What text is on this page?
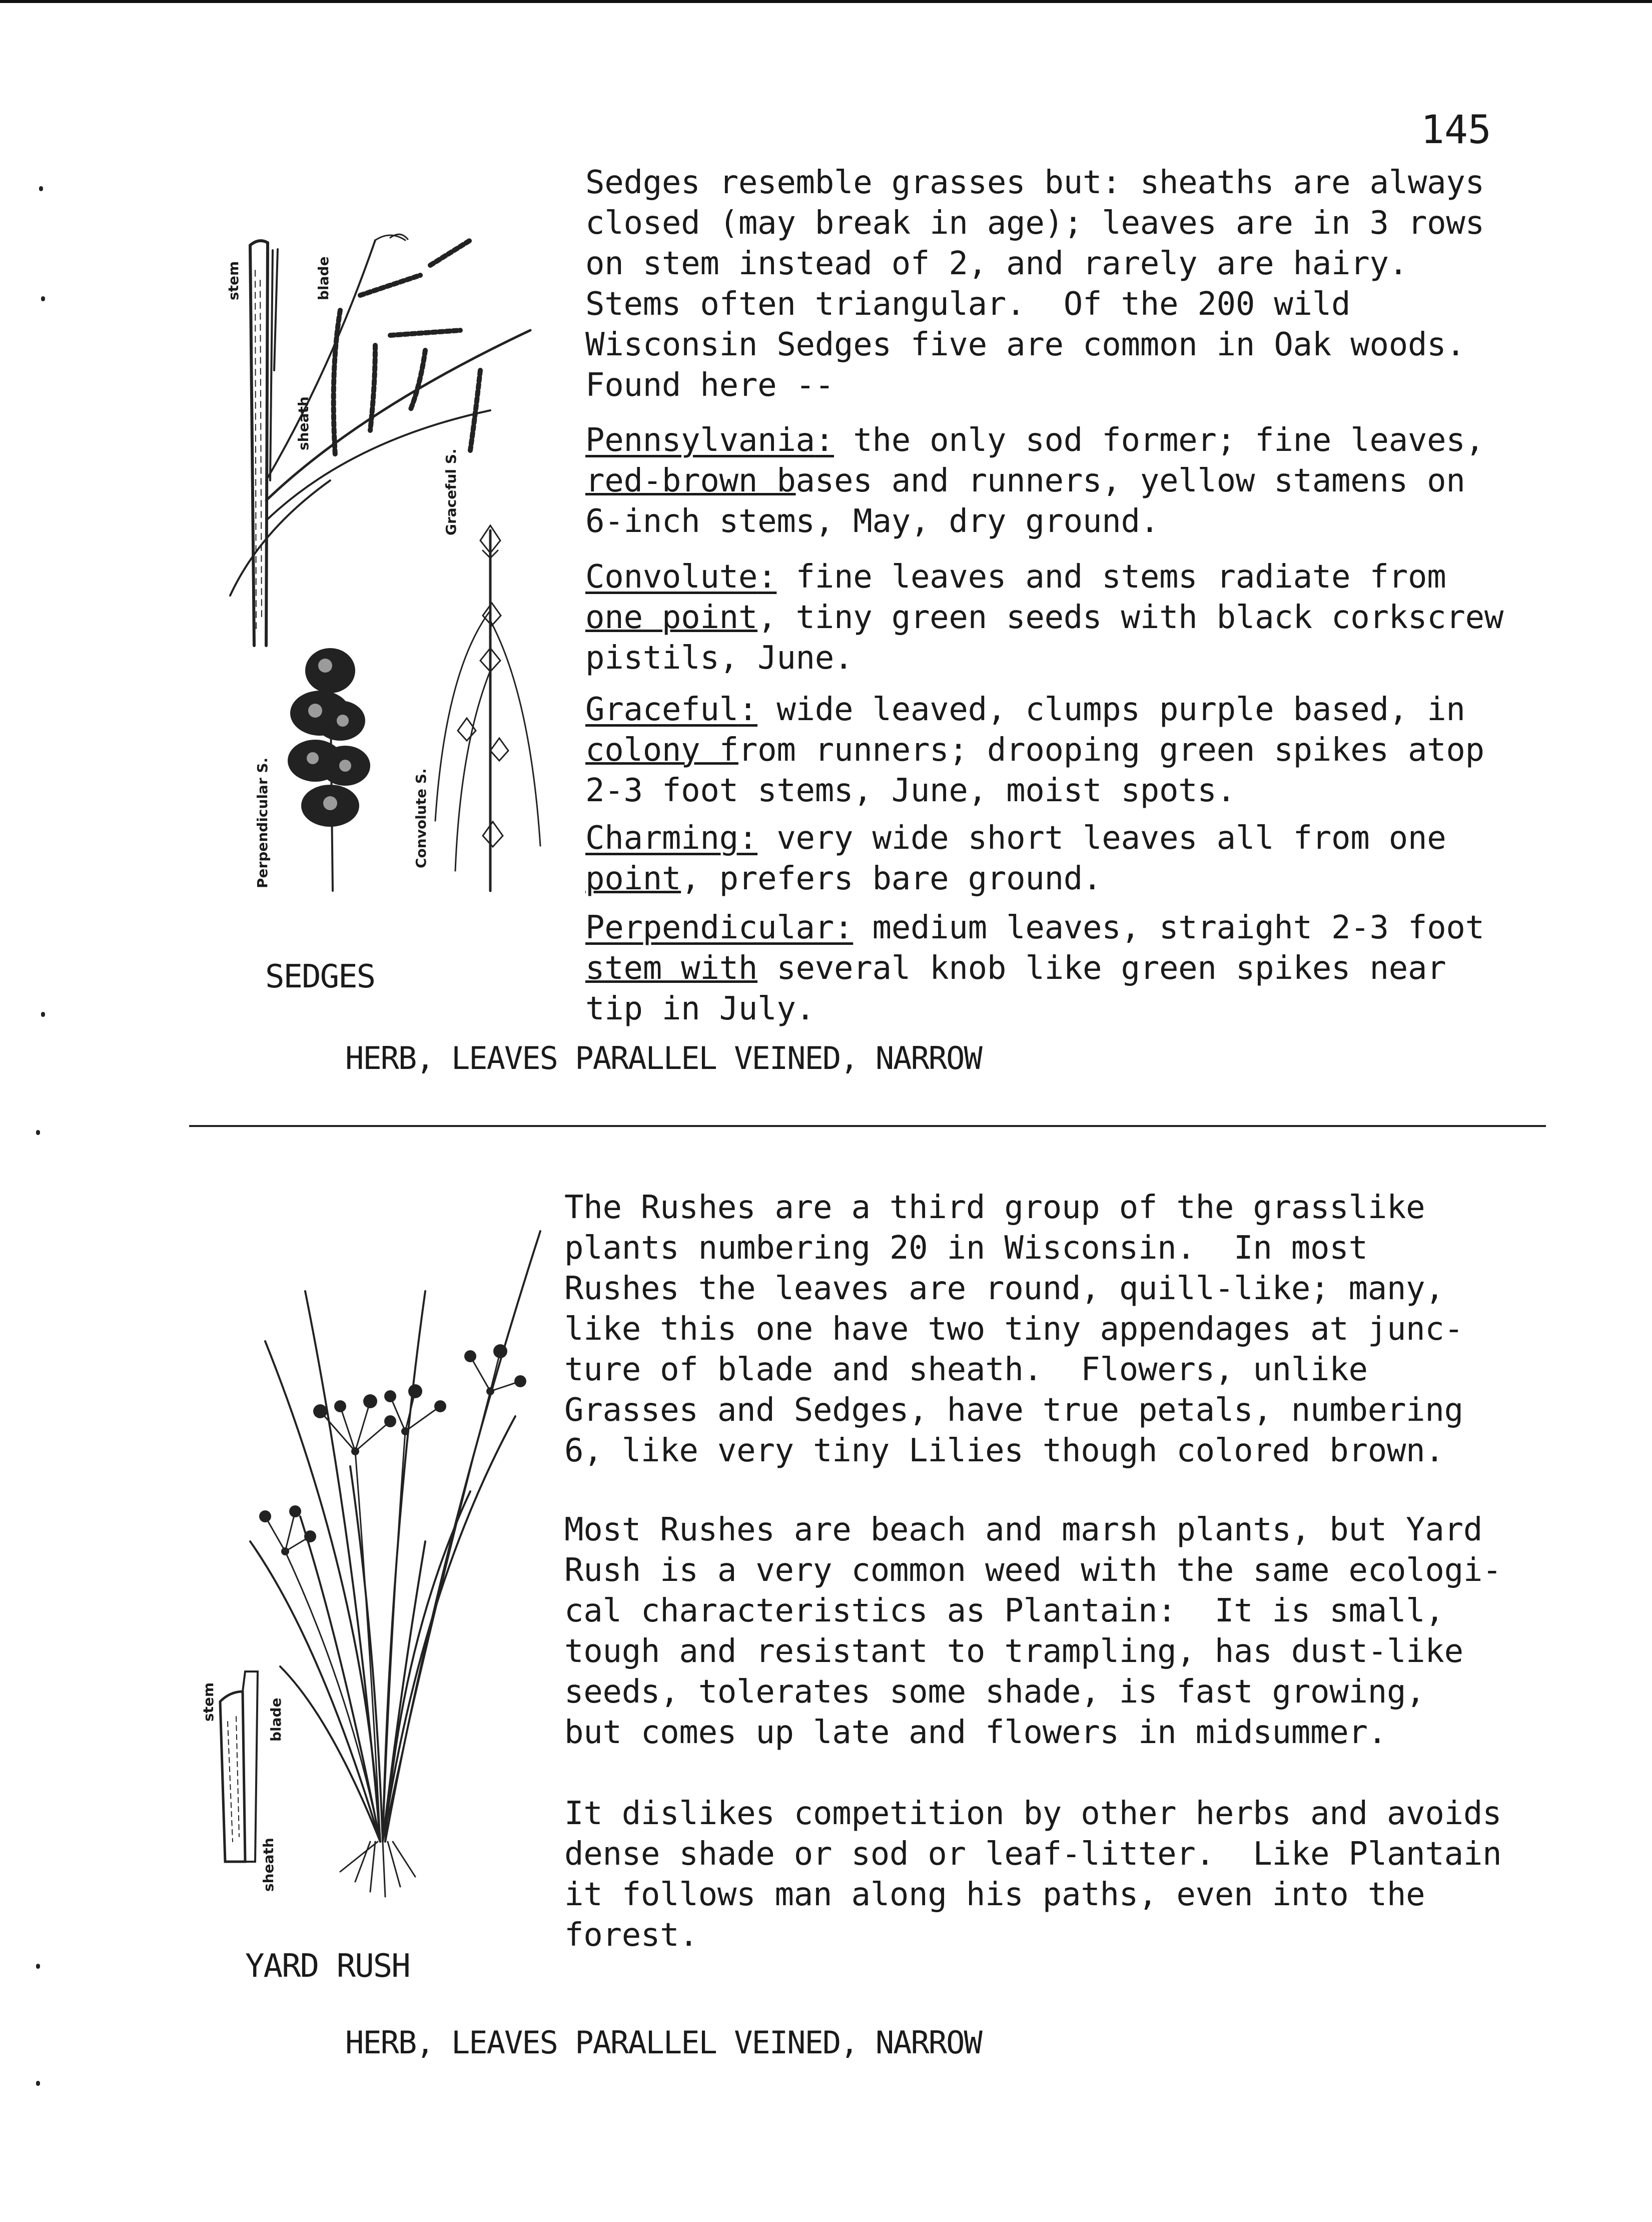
145
Sedges resemble grasses but: sheaths are always
closed (may break in age); leaves are in 3 rows
on stem instead of 2, and rarely are hairy.
Stems often triangular.  Of the 200 wild
Wisconsin Sedges five are common in Oak woods.
Found here --
Pennsylvania: the only sod former; fine leaves,
red-brown bases and runners, yellow stamens on
6-inch stems, May, dry ground.
Convolute: fine leaves and stems radiate from
one point, tiny green seeds with black corkscrew
pistils, June.
Graceful: wide leaved, clumps purple based, in
colony from runners; drooping green spikes atop
2-3 foot stems, June, moist spots.
Charming: very wide short leaves all from one
point, prefers bare ground.
Perpendicular: medium leaves, straight 2-3 foot
stem with several knob like green spikes near
tip in July.
stem
sheath
blade
Graceful S.
Perpendicular S.	Convolute S.
SEDGES
HERB, LEAVES PARALLEL VEINED, NARROW
The Rushes are a third group of the grasslike
plants numbering 20 in Wisconsin.  In most
Rushes the leaves are round, quill-like; many,
like this one have two tiny appendages at junc-
ture of blade and sheath.  Flowers, unlike
Grasses and Sedges, have true petals, numbering
6, like very tiny Lilies though colored brown.
Most Rushes are beach and marsh plants, but Yard
Rush is a very common weed with the same ecologi-
cal characteristics as Plantain:  It is small,
tough and resistant to trampling, has dust-like
seeds, tolerates some shade, is fast growing,
but comes up late and flowers in midsummer.
It dislikes competition by other herbs and avoids
dense shade or sod or leaf-litter.  Like Plantain
it follows man along his paths, even into the
forest.
stem	blade
sheath
YARD RUSH
HERB, LEAVES PARALLEL VEINED, NARROW
